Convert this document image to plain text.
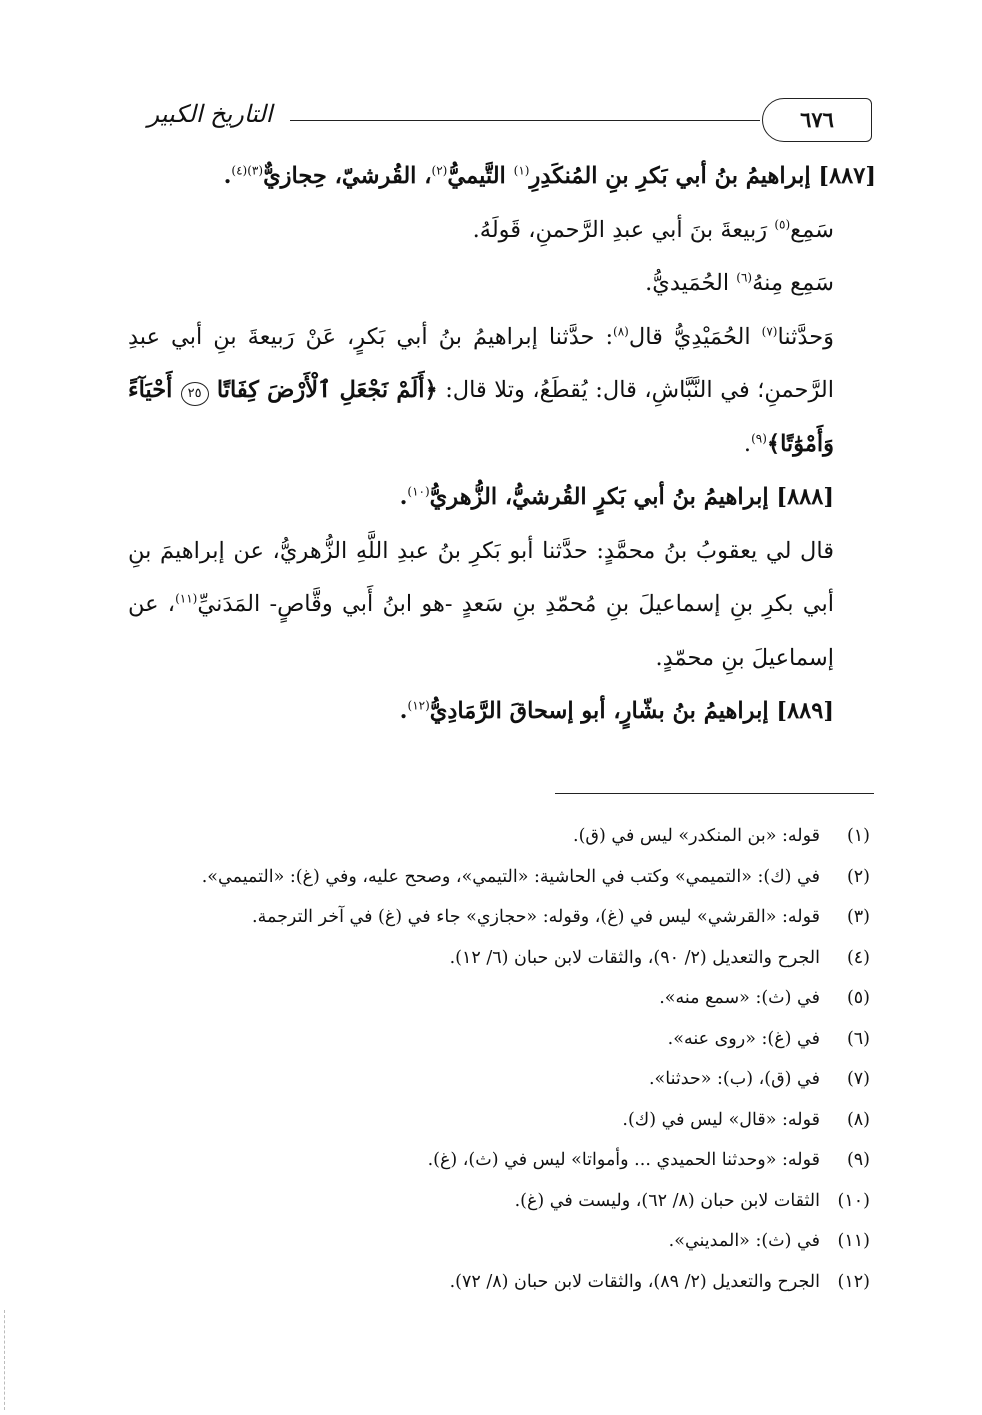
التاريخ الكبير	٦٧٦

[٨٨٧] إبراهيمُ بنُ أبي بَكرِ بنِ المُنكَدِرِ$^{(١)}$ التَّيميُّ$^{(٢)}$، القُرشيّ، حِجازيٌّ$^{(٣)(٤)}$.

سَمِع$^{(٥)}$ رَبيعةَ بنَ أبي عبدِ الرَّحمنِ، قَولَهُ.

سَمِع مِنهُ$^{(٦)}$ الحُمَيديُّ.

وَحدَّثنا$^{(٧)}$ الحُمَيْدِيُّ قال$^{(٨)}$: حدَّثنا إبراهيمُ بنُ أبي بَكرٍ، عَنْ رَبيعةَ بنِ أبي عبدِ الرَّحمنِ؛ في النَّبَّاشِ، قال: يُقطَعُ، وتلا قال: ﴿أَلَمْ نَجْعَلِ ٱلْأَرْضَ كِفَاتًا ٢٥ أَحْيَآءً وَأَمْوَٰتًا﴾$^{(٩)}$.

[٨٨٨] إبراهيمُ بنُ أبي بَكرٍ القُرشيُّ، الزُّهريُّ$^{(١٠)}$.

قال لي يعقوبُ بنُ محمَّدٍ: حدَّثنا أبو بَكرِ بنُ عبدِ اللَّهِ الزُّهريُّ، عن إبراهيمَ بنِ أبي بكرِ بنِ إسماعيلَ بنِ مُحمّدِ بنِ سَعدٍ -هو ابنُ أَبي وقَّاصٍ- المَدَنيِّ$^{(١١)}$، عن إسماعيلَ بنِ محمّدٍ.

[٨٨٩] إبراهيمُ بنُ بشّارٍ، أبو إسحاقَ الرَّمَادِيُّ$^{(١٢)}$.

(١)قوله: «بن المنكدر» ليس في (ق).
(٢)في (ك): «التميمي» وكتب في الحاشية: «التيمي»، وصحح عليه، وفي (غ): «التميمي».
(٣)قوله: «القرشي» ليس في (غ)، وقوله: «حجازي» جاء في (غ) في آخر الترجمة.
(٤)الجرح والتعديل (٢/ ٩٠)، والثقات لابن حبان (٦/ ١٢).
(٥)في (ث): «سمع منه».
(٦)في (غ): «روى عنه».
(٧)في (ق)، (ب): «حدثنا».
(٨)قوله: «قال» ليس في (ك).
(٩)قوله: «وحدثنا الحميدي ... وأمواتا» ليس في (ث)، (غ).
(١٠)الثقات لابن حبان (٨/ ٦٢)، وليست في (غ).
(١١)في (ث): «المديني».
(١٢)الجرح والتعديل (٢/ ٨٩)، والثقات لابن حبان (٨/ ٧٢).
